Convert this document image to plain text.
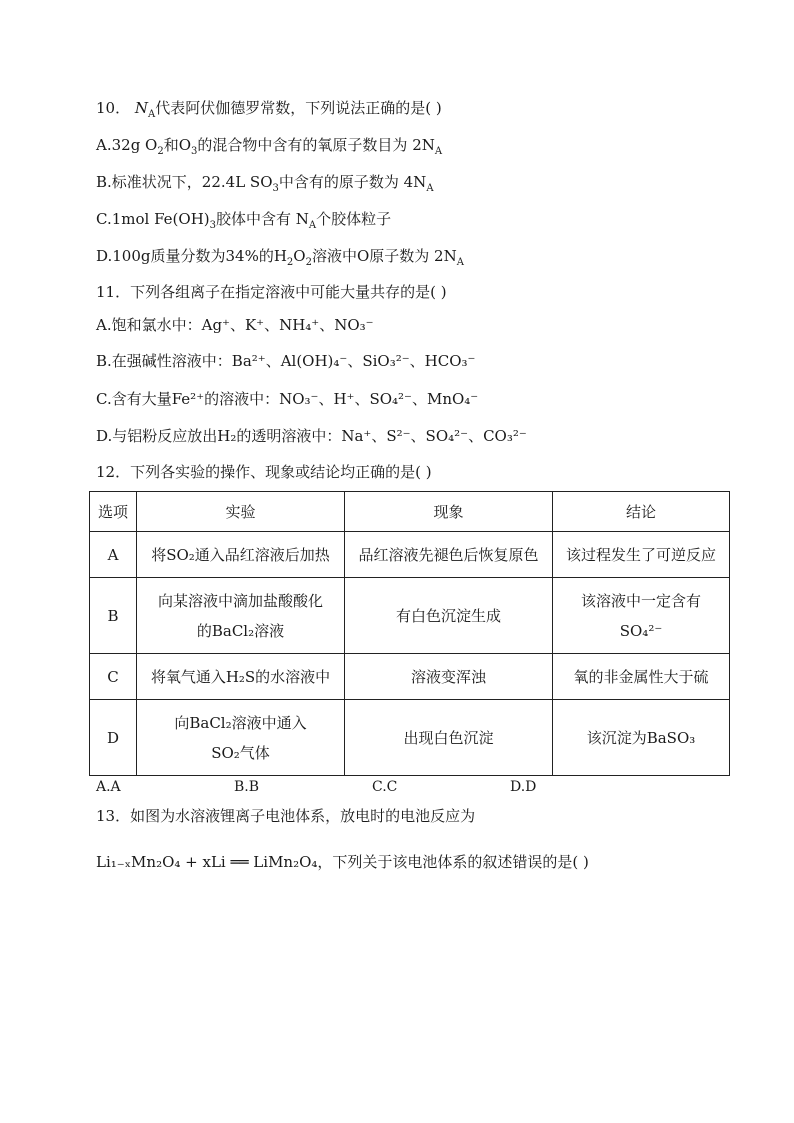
10． $N_A$代表阿伏伽德罗常数，下列说法正确的是( )
A.32g $O_2$和$O_3$的混合物中含有的氧原子数目为 $2N_A$
B.标准状况下，22.4L $SO_3$中含有的原子数为 $4N_A$
C.1mol $Fe(OH)_3$胶体中含有 $N_A$个胶体粒子
D.100g质量分数为34%的$H_2O_2$溶液中O原子数为 $2N_A$
11．下列各组离子在指定溶液中可能大量共存的是( )
A.饱和氯水中：Ag⁺、K⁺、NH₄⁺、NO₃⁻
B.在强碱性溶液中：Ba²⁺、Al(OH)₄⁻、SiO₃²⁻、HCO₃⁻
C.含有大量Fe²⁺的溶液中：NO₃⁻、H⁺、SO₄²⁻、MnO₄⁻
D.与铝粉反应放出H₂的透明溶液中：Na⁺、S²⁻、SO₄²⁻、CO₃²⁻
12．下列各实验的操作、现象或结论均正确的是( )
选项	实验	现象	结论
A	将SO₂通入品红溶液后加热	品红溶液先褪色后恢复原色	该过程发生了可逆反应
B	向某溶液中滴加盐酸酸化的BaCl₂溶液	有白色沉淀生成	该溶液中一定含有SO₄²⁻
C	将氧气通入H₂S的水溶液中	溶液变浑浊	氧的非金属性大于硫
D	向BaCl₂溶液中通入SO₂气体	出现白色沉淀	该沉淀为BaSO₃
A.A	B.B	C.C	D.D
13．如图为水溶液锂离子电池体系，放电时的电池反应为
Li₁₋ₓMn₂O₄ + xLi ══ LiMn₂O₄，下列关于该电池体系的叙述错误的是( )
